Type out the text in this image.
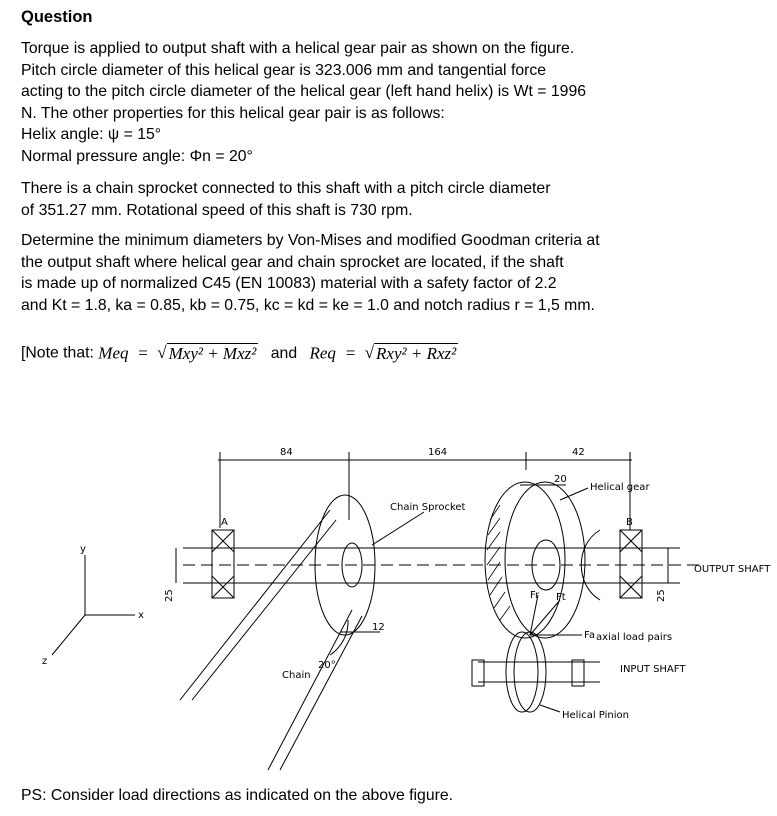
Question
Torque is applied to output shaft with a helical gear pair as shown on the figure.
Pitch circle diameter of this helical gear is 323.006 mm and tangential force
acting to the pitch circle diameter of the helical gear (left hand helix) is Wt = 1996
N. The other properties for this helical gear pair is as follows:
Helix angle: ψ = 15°
Normal pressure angle: Φn = 20°
There is a chain sprocket connected to this shaft with a pitch circle diameter
of 351.27 mm. Rotational speed of this shaft is 730 rpm.
Determine the minimum diameters by Von-Mises and modified Goodman criteria at
the output shaft where helical gear and chain sprocket are located, if the shaft
is made up of normalized C45 (EN 10083) material with a safety factor of 2.2
and Kt = 1.8, ka = 0.85, kb = 0.75, kc = kd = ke = 1.0 and notch radius r = 1,5 mm.
[Note that: Meq  =  √ Mxy² + Mxz² and Req  =  √ Rxy² + Rxz²
84	164	42
20
12
25	25
20°
A	B
Helical gear
Chain Sprocket
OUTPUT SHAFT
INPUT SHAFT
Helical Pinion
Chain
axial load pairs
Fr Ft
Fa
y
x
z
PS: Consider load directions as indicated on the above figure.
